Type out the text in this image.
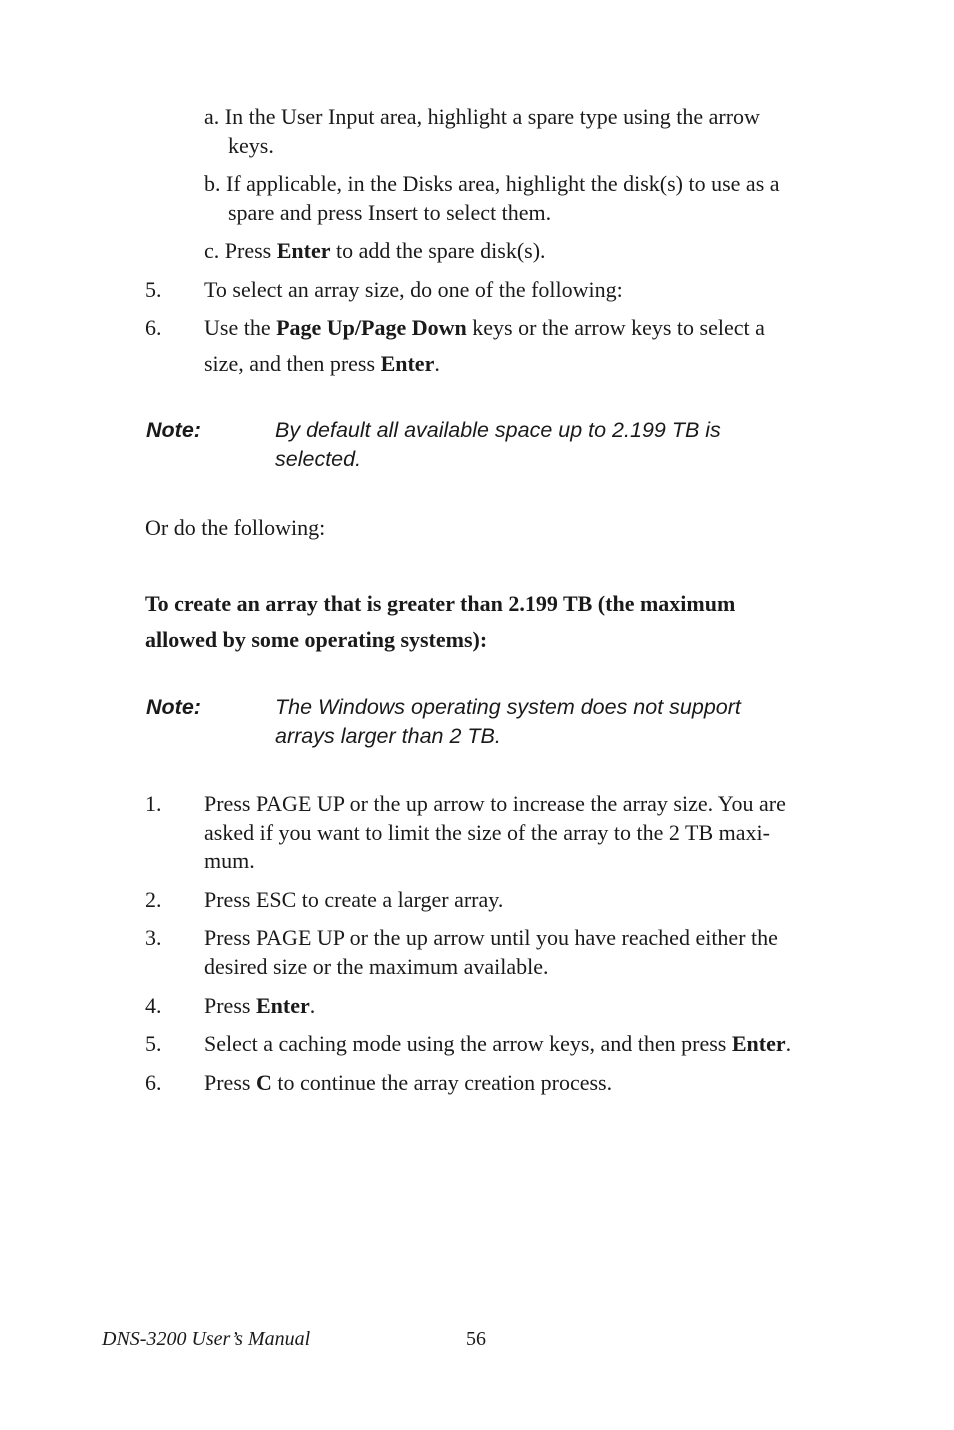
a. In the User Input area, highlight a spare type using the arrow
keys.
b. If applicable, in the Disks area, highlight the disk(s) to use as a
spare and press Insert to select them.
c. Press Enter to add the spare disk(s).
5. To select an array size, do one of the following:
6. Use the Page Up/Page Down keys or the arrow keys to select a
size, and then press Enter.
Note:	By default all available space up to 2.199 TB is
selected.
Or do the following:
To create an array that is greater than 2.199 TB (the maximum
allowed by some operating systems):
Note:	The Windows operating system does not support
arrays larger than 2 TB.
1. Press PAGE UP or the up arrow to increase the array size. You are
asked if you want to limit the size of the array to the 2 TB maxi-
mum.
2. Press ESC to create a larger array.
3. Press PAGE UP or the up arrow until you have reached either the
desired size or the maximum available.
4. Press Enter.
5. Select a caching mode using the arrow keys, and then press Enter.
6. Press C to continue the array creation process.
DNS-3200 User’s Manual	56
